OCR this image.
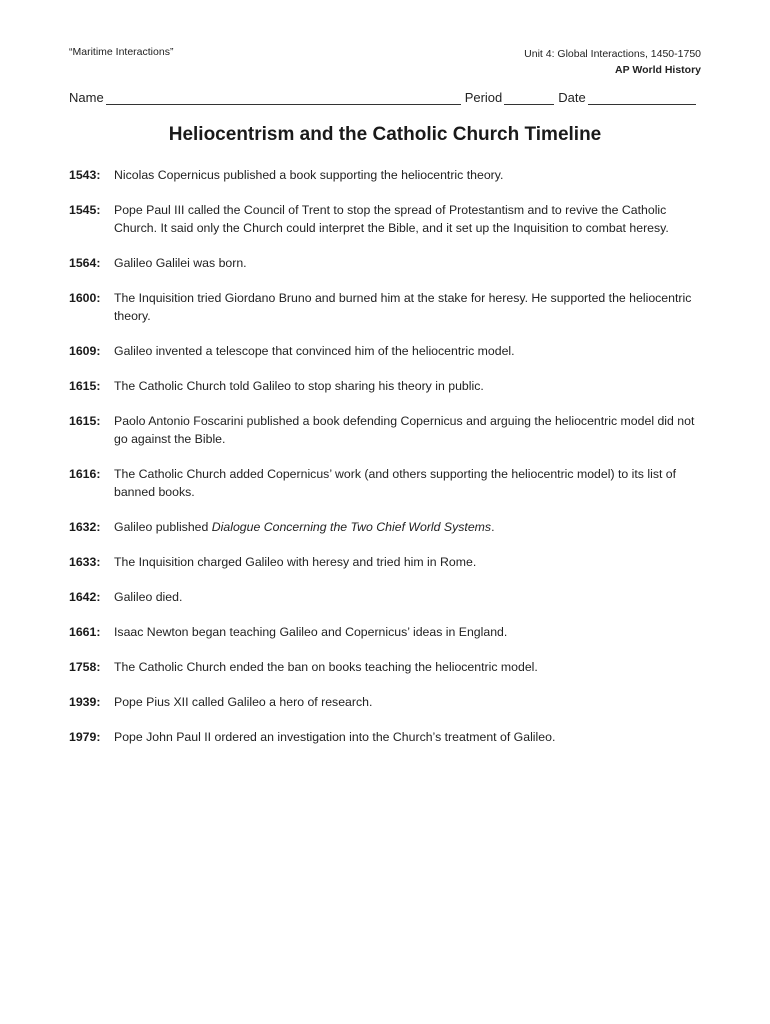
“Maritime Interactions”	Unit 4: Global Interactions, 1450-1750
AP World History
Name	Period	Date
Heliocentrism and the Catholic Church Timeline
1543:	Nicolas Copernicus published a book supporting the heliocentric theory.
1545:	Pope Paul III called the Council of Trent to stop the spread of Protestantism and to revive the Catholic Church. It said only the Church could interpret the Bible, and it set up the Inquisition to combat heresy.
1564:	Galileo Galilei was born.
1600:	The Inquisition tried Giordano Bruno and burned him at the stake for heresy. He supported the heliocentric theory.
1609:	Galileo invented a telescope that convinced him of the heliocentric model.
1615:	The Catholic Church told Galileo to stop sharing his theory in public.
1615:	Paolo Antonio Foscarini published a book defending Copernicus and arguing the heliocentric model did not go against the Bible.
1616:	The Catholic Church added Copernicus’ work (and others supporting the heliocentric model) to its list of banned books.
1632:	Galileo published Dialogue Concerning the Two Chief World Systems.
1633:	The Inquisition charged Galileo with heresy and tried him in Rome.
1642:	Galileo died.
1661:	Isaac Newton began teaching Galileo and Copernicus’ ideas in England.
1758:	The Catholic Church ended the ban on books teaching the heliocentric model.
1939:	Pope Pius XII called Galileo a hero of research.
1979:	Pope John Paul II ordered an investigation into the Church’s treatment of Galileo.
